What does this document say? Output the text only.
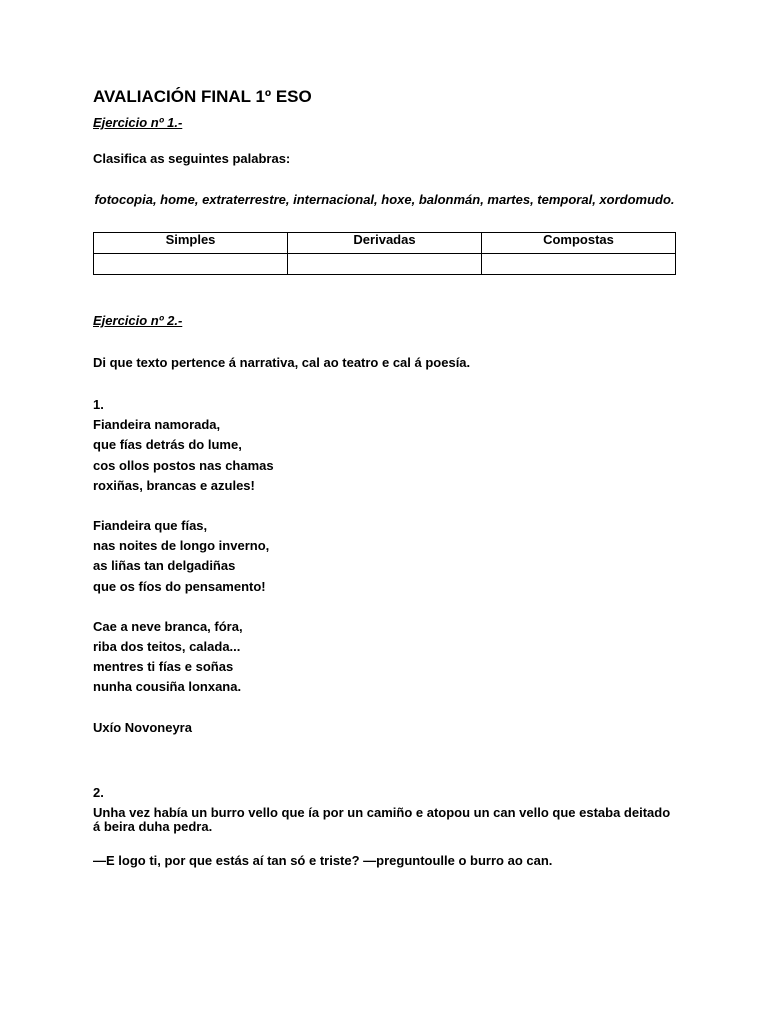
AVALIACIÓN FINAL 1º ESO

Ejercicio nº 1.-

Clasifica as seguintes palabras:

fotocopia, home, extraterrestre, internacional, hoxe, balonmán, martes, temporal, xordomudo.

Simples	Derivadas	Compostas

Ejercicio nº 2.-

Di que texto pertence á narrativa, cal ao teatro e cal á poesía.

1.

Fiandeira namorada,

que fías detrás do lume,

cos ollos postos nas chamas

roxiñas, brancas e azules!

Fiandeira que fías,

nas noites de longo inverno,

as liñas tan delgadiñas

que os fíos do pensamento!

Cae a neve branca, fóra,

riba dos teitos, calada...

mentres ti fías e soñas

nunha cousiña lonxana.

Uxío Novoneyra

2.

Unha vez había un burro vello que ía por un camiño e atopou un can vello que estaba deitado á beira duha pedra.

—E logo ti, por que estás aí tan só e triste? —preguntoulle o burro ao can.
